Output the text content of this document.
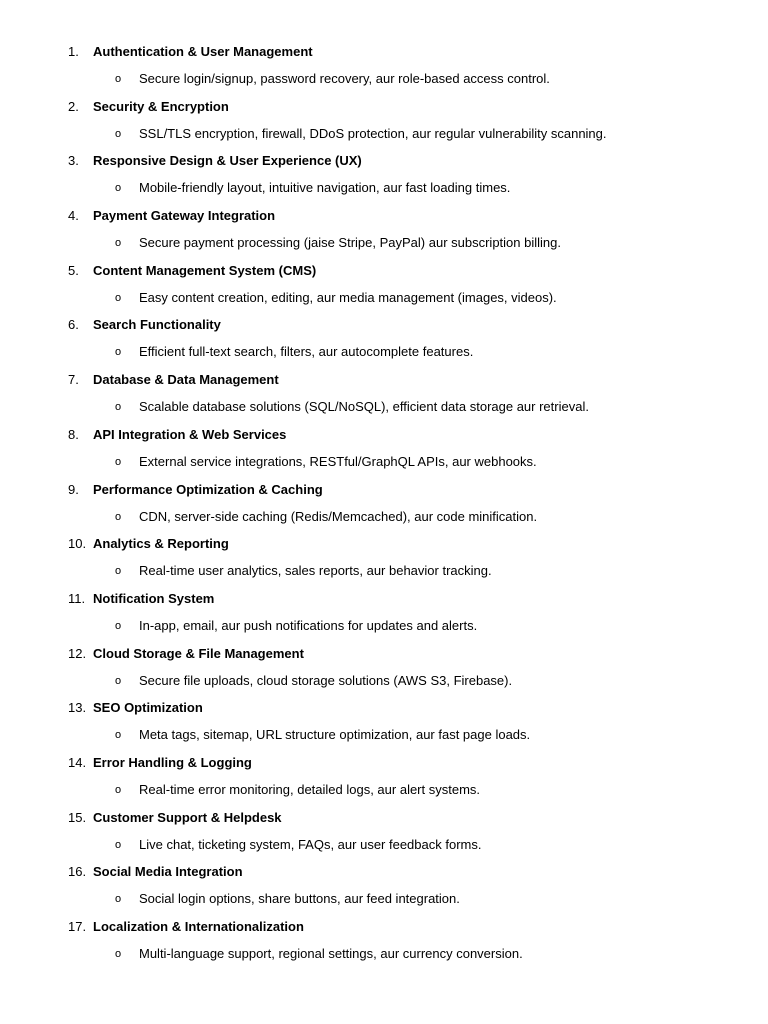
1.	Authentication & User Management
o Secure login/signup, password recovery, aur role-based access control.
2.	Security & Encryption
o SSL/TLS encryption, firewall, DDoS protection, aur regular vulnerability scanning.
3.	Responsive Design & User Experience (UX)
o Mobile-friendly layout, intuitive navigation, aur fast loading times.
4.	Payment Gateway Integration
o Secure payment processing (jaise Stripe, PayPal) aur subscription billing.
5.	Content Management System (CMS)
o Easy content creation, editing, aur media management (images, videos).
6.	Search Functionality
o Efficient full-text search, filters, aur autocomplete features.
7.	Database & Data Management
o Scalable database solutions (SQL/NoSQL), efficient data storage aur retrieval.
8.	API Integration & Web Services
o External service integrations, RESTful/GraphQL APIs, aur webhooks.
9.	Performance Optimization & Caching
o CDN, server-side caching (Redis/Memcached), aur code minification.
10. Analytics & Reporting
o Real-time user analytics, sales reports, aur behavior tracking.
11. Notification System
o In-app, email, aur push notifications for updates and alerts.
12. Cloud Storage & File Management
o Secure file uploads, cloud storage solutions (AWS S3, Firebase).
13. SEO Optimization
o Meta tags, sitemap, URL structure optimization, aur fast page loads.
14. Error Handling & Logging
o Real-time error monitoring, detailed logs, aur alert systems.
15. Customer Support & Helpdesk
o Live chat, ticketing system, FAQs, aur user feedback forms.
16. Social Media Integration
o Social login options, share buttons, aur feed integration.
17. Localization & Internationalization
o Multi-language support, regional settings, aur currency conversion.
